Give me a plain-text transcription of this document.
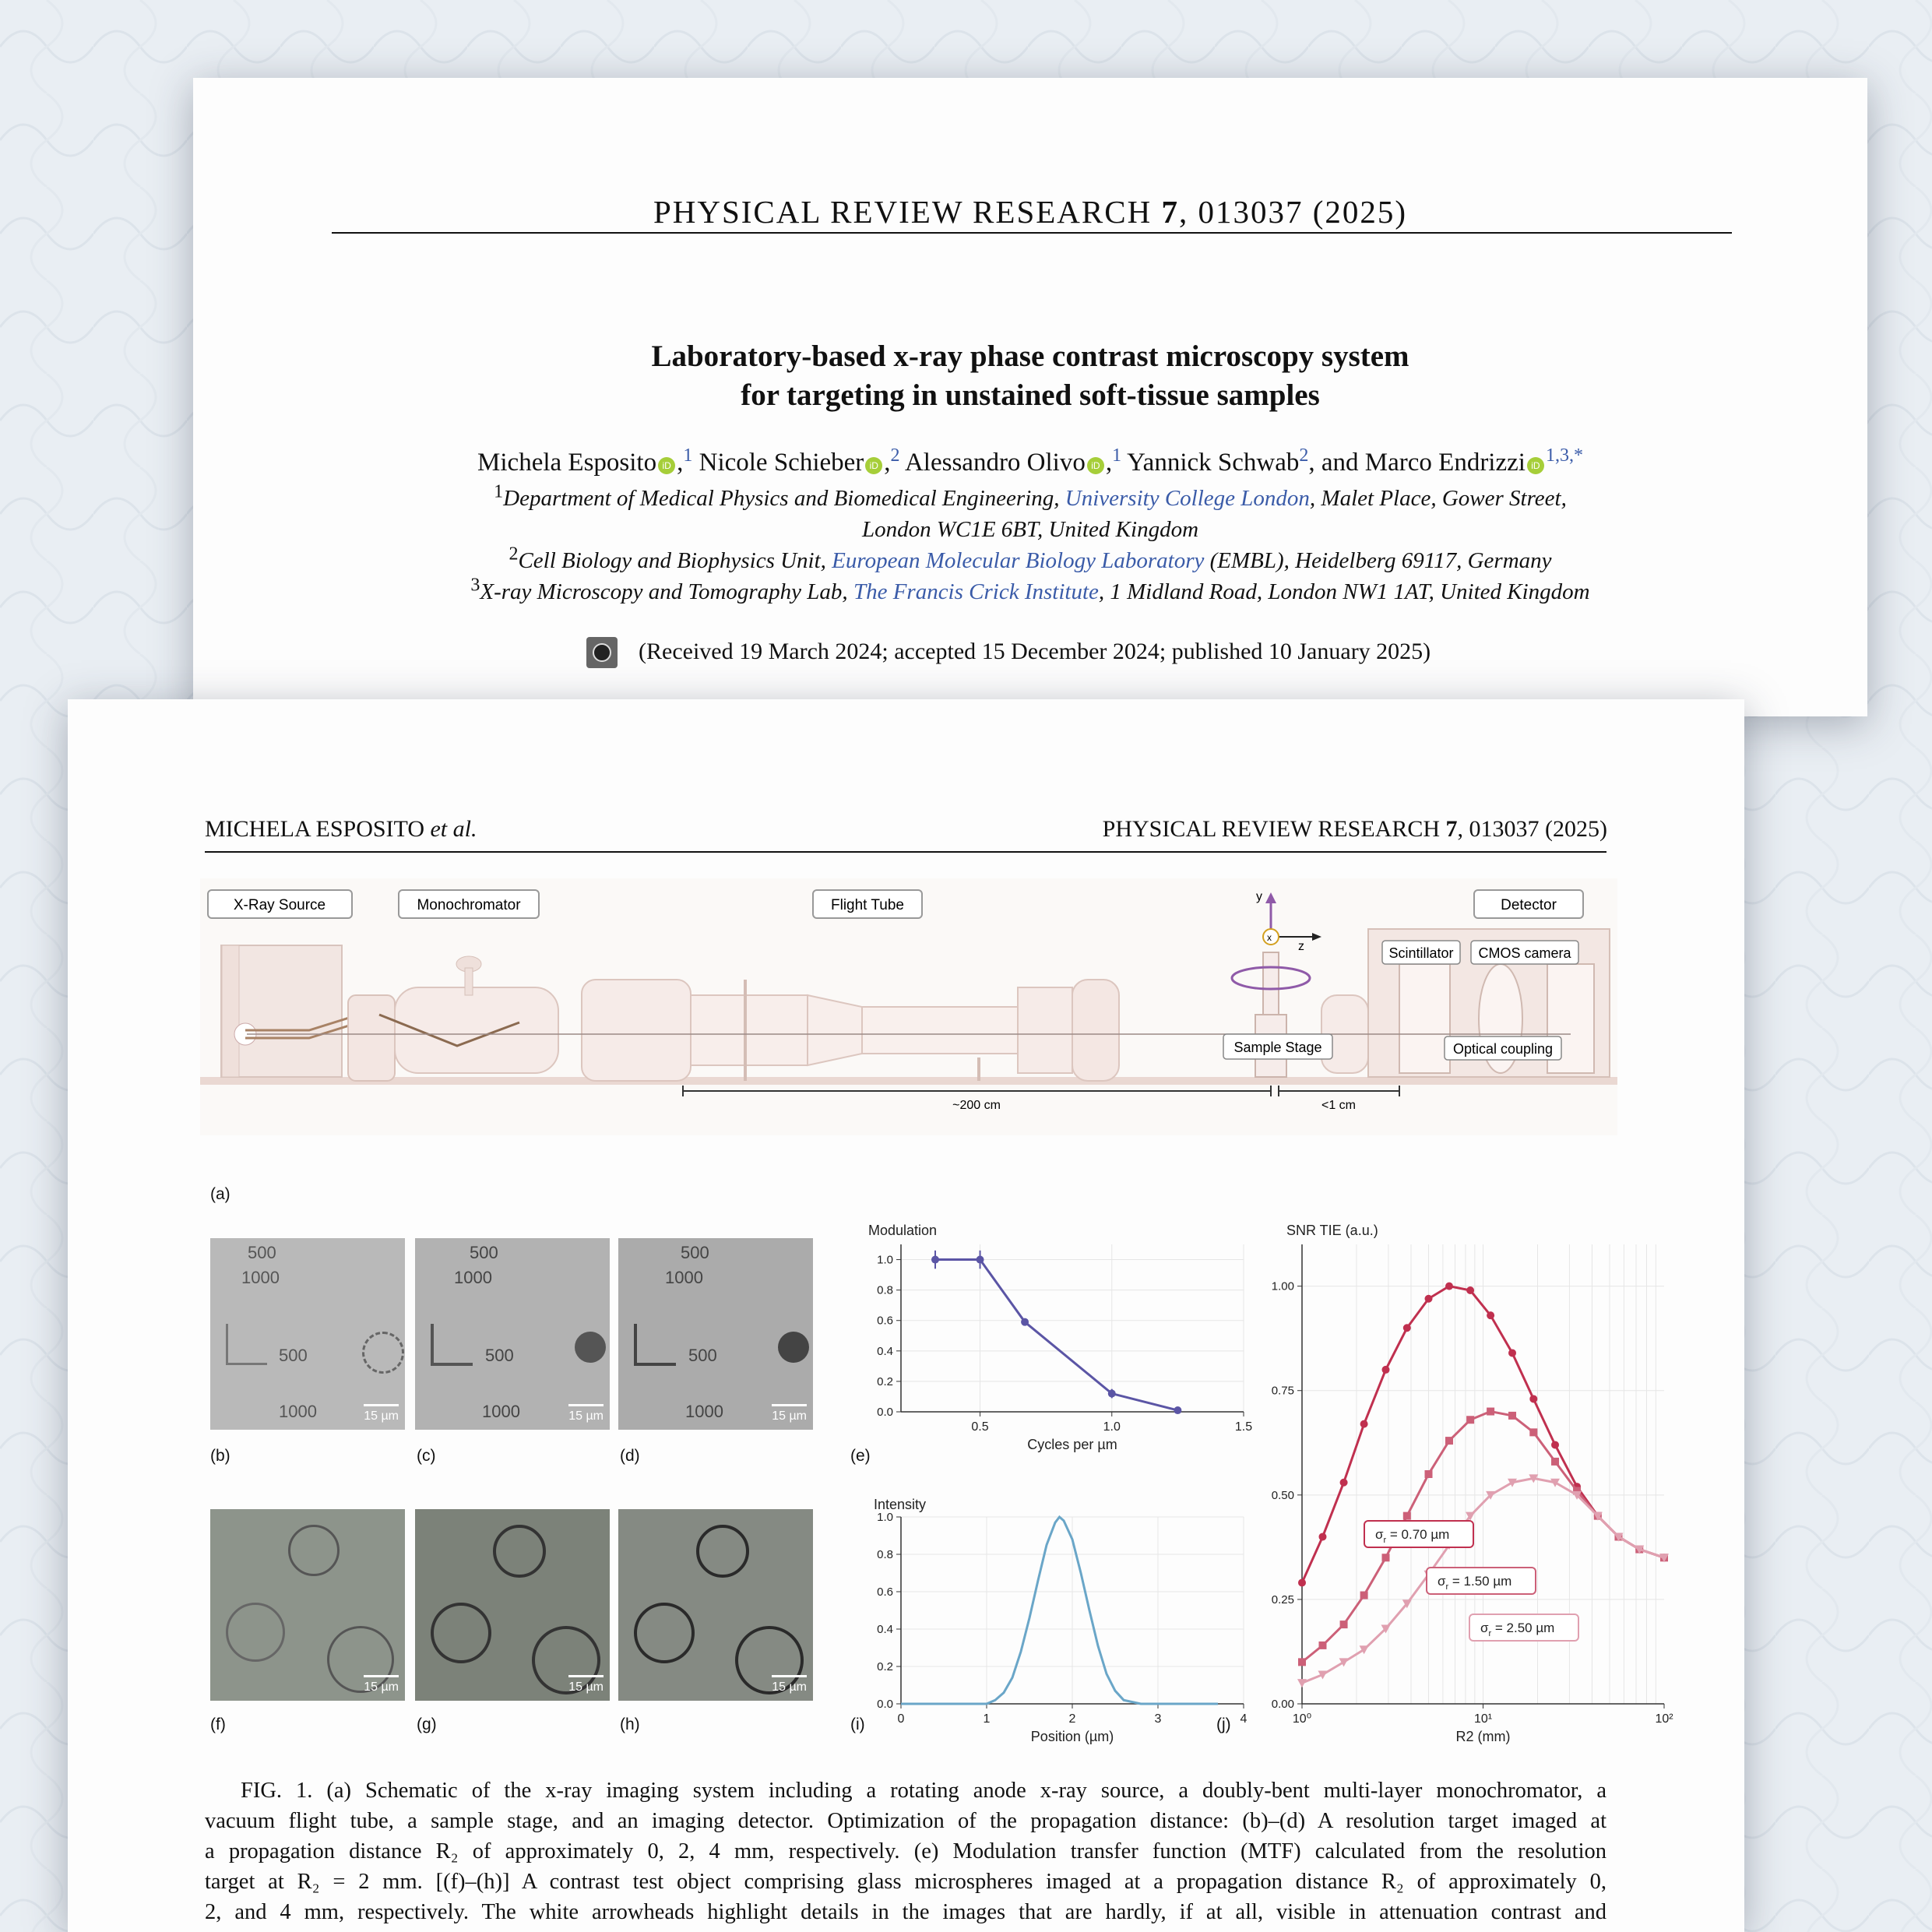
PHYSICAL REVIEW RESEARCH 7, 013037 (2025)
Laboratory-based x-ray phase contrast microscopy system
for targeting in unstained soft-tissue samples
Michela Esposito iD ,$^1$ Nicole Schieber iD ,$^2$ Alessandro Olivo iD ,$^1$ Yannick Schwab$^2$, and Marco Endrizzi iD $^{1,3,*}$
$^1$Department of Medical Physics and Biomedical Engineering, University College London, Malet Place, Gower Street,
London WC1E 6BT, United Kingdom
$^2$Cell Biology and Biophysics Unit, European Molecular Biology Laboratory (EMBL), Heidelberg 69117, Germany
$^3$X-ray Microscopy and Tomography Lab, The Francis Crick Institute, 1 Midland Road, London NW1 1AT, United Kingdom
(Received 19 March 2024; accepted 15 December 2024; published 10 January 2025)
MICHELA ESPOSITO et al.	PHYSICAL REVIEW RESEARCH 7, 013037 (2025)
X-Ray Source	Monochromator	Flight Tube	Detector
Scintillator CMOS camera
Sample Stage	Optical coupling
y
z
x
~200 cm	<1 cm
(a)
500
1000
500
1000	15 µm
500
1000
500
1000	15 µm
500
1000
500
1000	15 µm
(b)	(c)	(d)
15 µm	15 µm	15 µm
(f)	(g)	(h)
0.5	1.0	1.5
0.0
0.2
0.4
0.6
0.8
1.0
Modulation
Cycles per µm
(e)
0	1	2	3	4
0.0
0.2
0.4
0.6
0.8
1.0
Intensity
Position (µm)
(i)	10⁰	10¹	10²
0.00
0.25
0.50
0.75
1.00
SNR TIE (a.u.)
R2 (mm)
$\sigma_r = 0.70$ µm
$\sigma_r = 1.50$ µm
$\sigma_r = 2.50$ µm
(j)
FIG. 1. (a) Schematic of the x-ray imaging system including a rotating anode x-ray source, a doubly-bent multi-layer monochromator, a
vacuum flight tube, a sample stage, and an imaging detector. Optimization of the propagation distance: (b)–(d) A resolution target imaged at
a propagation distance R₂ of approximately 0, 2, 4 mm, respectively. (e) Modulation transfer function (MTF) calculated from the resolution
target at R₂ = 2 mm. [(f)–(h)] A contrast test object comprising glass microspheres imaged at a propagation distance R₂ of approximately 0,
2, and 4 mm, respectively. The white arrowheads highlight details in the images that are hardly, if at all, visible in attenuation contrast and
